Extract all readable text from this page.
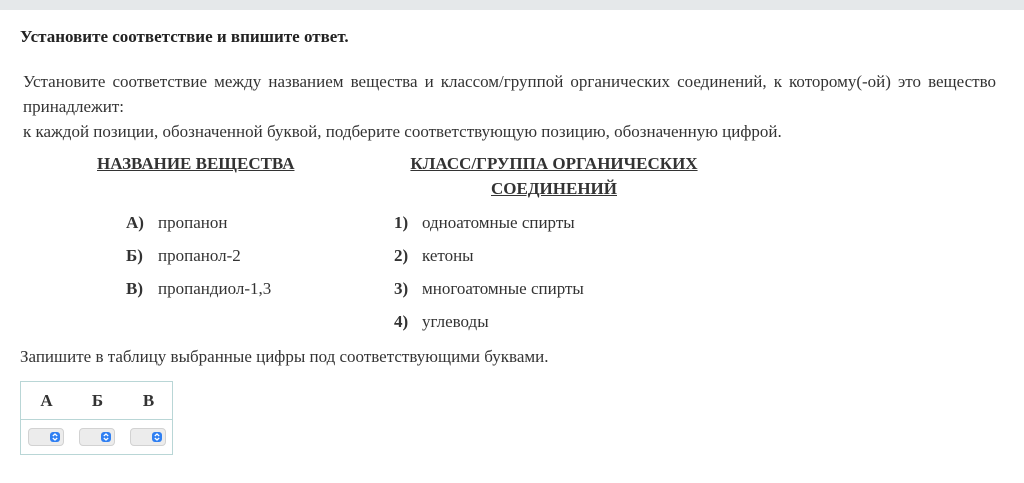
Установите соответствие и впишите ответ.

Установите соответствие между названием вещества и классом/группой органических соединений, к которому(-ой) это вещество принадлежит:

к каждой позиции, обозначенной буквой, подберите соответствующую позицию, обозначенную цифрой.

НАЗВАНИЕ ВЕЩЕСТВА	КЛАСС/ГРУППА ОРГАНИЧЕСКИХ
СОЕДИНЕНИЙ
А) пропанон
Б) пропанол-2
В) пропандиол-1,3
1) одноатомные спирты
2) кетоны
3) многоатомные спирты
4) углеводы
Запишите в таблицу выбранные цифры под соответствующими буквами.
А	Б	В
